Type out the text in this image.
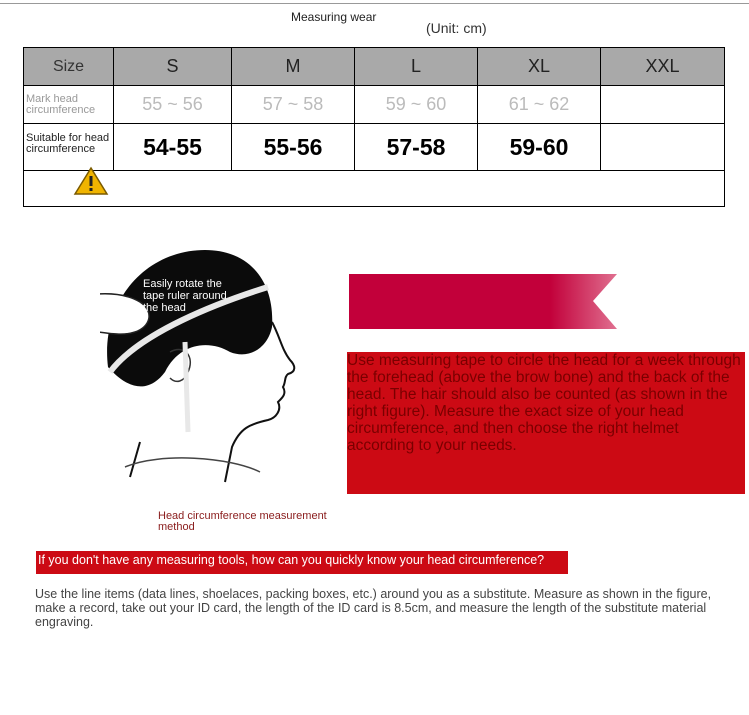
Measuring wear
(Unit: cm)
Size	S	M	L	XL	XXL
Mark head circumference	55 ~ 56	57 ~ 58	59 ~ 60	61 ~ 62	
Suitable for head circumference	54-55	55-56	57-58	59-60	

Easily rotate the tape ruler around the head
Head circumference measurement method
Use measuring tape to circle the head for a week through the forehead (above the brow bone) and the back of the head. The hair should also be counted (as shown in the right figure). Measure the exact size of your head circumference, and then choose the right helmet according to your needs.
If you don't have any measuring tools, how can you quickly know your head circumference?
Use the line items (data lines, shoelaces, packing boxes, etc.) around you as a substitute. Measure as shown in the figure, make a record, take out your ID card, the length of the ID card is 8.5cm, and measure the length of the substitute material engraving.
